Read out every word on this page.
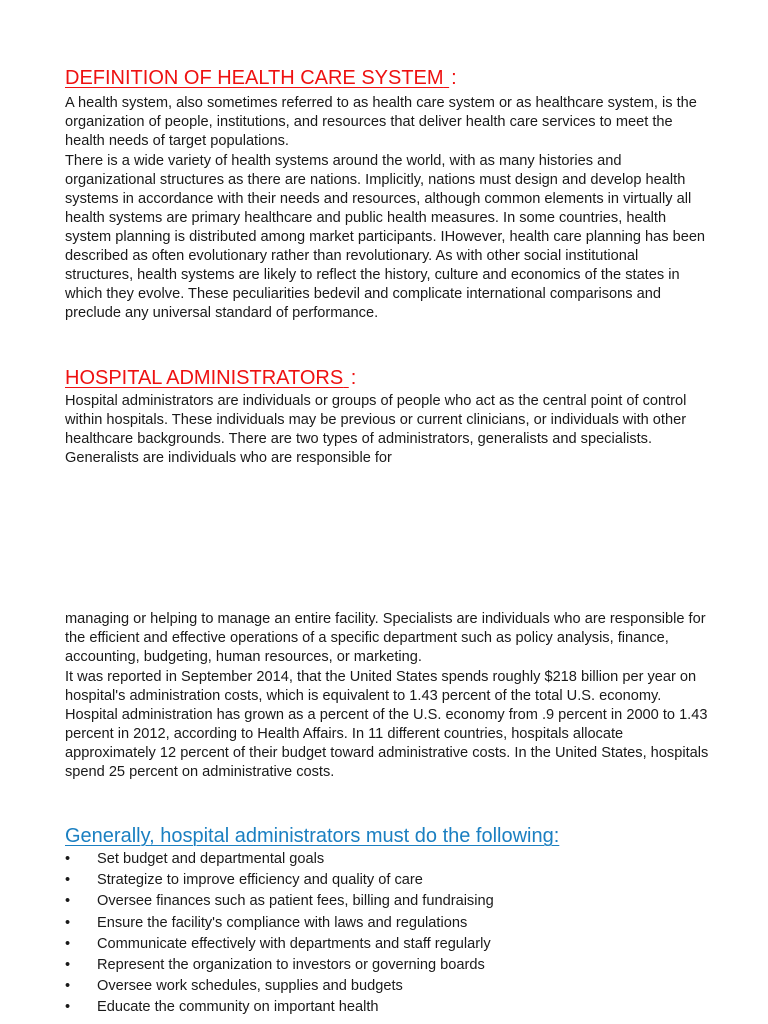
DEFINITION OF HEALTH CARE SYSTEM :

A health system, also sometimes referred to as health care system or as healthcare system, is the organization of people, institutions, and resources that deliver health care services to meet the health needs of target populations.

There is a wide variety of health systems around the world, with as many histories and organizational structures as there are nations. Implicitly, nations must design and develop health systems in accordance with their needs and resources, although common elements in virtually all health systems are primary healthcare and public health measures. In some countries, health system planning is distributed among market participants. IHowever, health care planning has been described as often evolutionary rather than revolutionary. As with other social institutional structures, health systems are likely to reflect the history, culture and economics of the states in which they evolve. These peculiarities bedevil and complicate international comparisons and preclude any universal standard of performance.

HOSPITAL ADMINISTRATORS :

Hospital administrators are individuals or groups of people who act as the central point of control within hospitals. These individuals may be previous or current clinicians, or individuals with other healthcare backgrounds. There are two types of administrators, generalists and specialists. Generalists are individuals who are responsible for

managing or helping to manage an entire facility. Specialists are individuals who are responsible for the efficient and effective operations of a specific department such as policy analysis, finance, accounting, budgeting, human resources, or marketing.

It was reported in September 2014, that the United States spends roughly $218 billion per year on hospital's administration costs, which is equivalent to 1.43 percent of the total U.S. economy. Hospital administration has grown as a percent of the U.S. economy from .9 percent in 2000 to 1.43 percent in 2012, according to Health Affairs. In 11 different countries, hospitals allocate approximately 12 percent of their budget toward administrative costs. In the United States, hospitals spend 25 percent on administrative costs.

Generally, hospital administrators must do the following:
• Set budget and departmental goals
• Strategize to improve efficiency and quality of care
• Oversee finances such as patient fees, billing and fundraising
• Ensure the facility's compliance with laws and regulations
• Communicate effectively with departments and staff regularly
• Represent the organization to investors or governing boards
• Oversee work schedules, supplies and budgets
• Educate the community on important health
